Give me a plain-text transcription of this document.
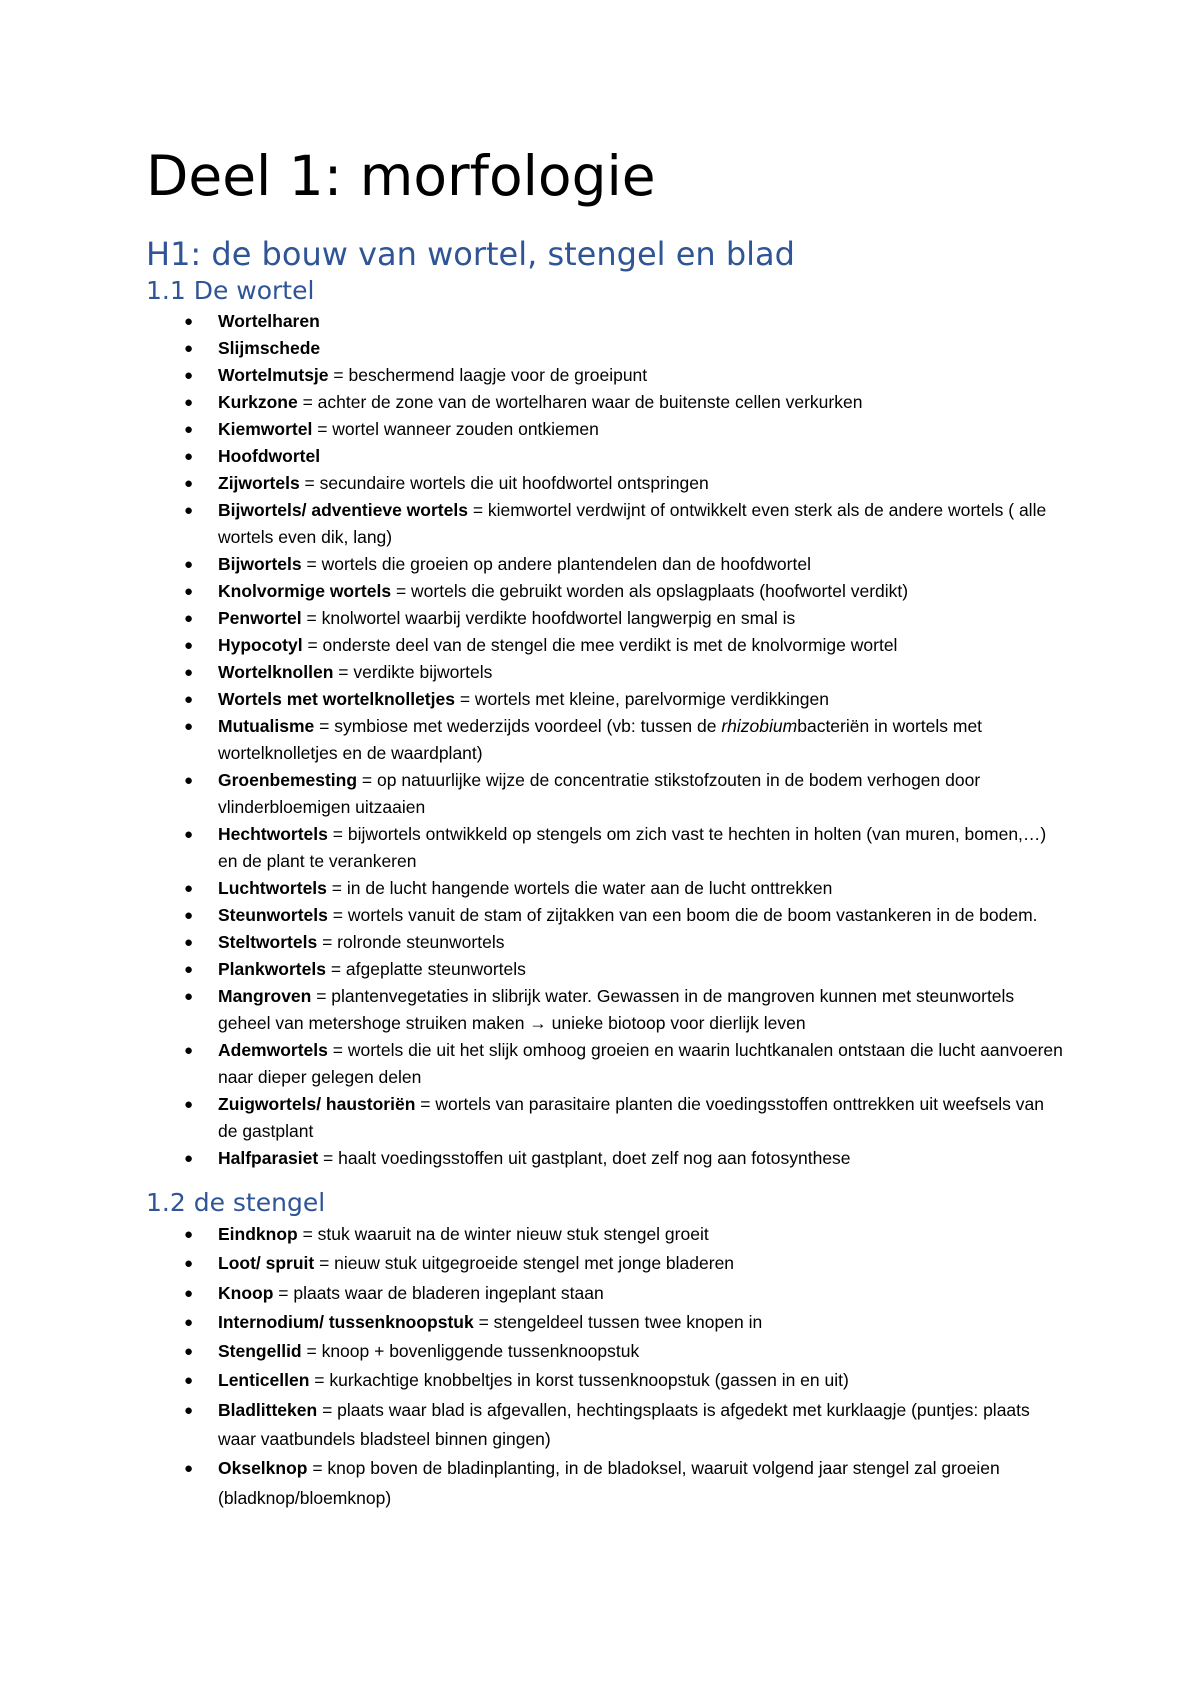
Deel 1: morfologie
H1: de bouw van wortel, stengel en blad
1.1 De wortel
● Wortelharen
● Slijmschede
● Wortelmutsje = beschermend laagje voor de groeipunt
● Kurkzone = achter de zone van de wortelharen waar de buitenste cellen verkurken
● Kiemwortel = wortel wanneer zouden ontkiemen
● Hoofdwortel
● Zijwortels = secundaire wortels die uit hoofdwortel ontspringen
● Bijwortels/ adventieve wortels = kiemwortel verdwijnt of ontwikkelt even sterk als de andere wortels ( alle wortels even dik, lang)
● Bijwortels = wortels die groeien op andere plantendelen dan de hoofdwortel
● Knolvormige wortels = wortels die gebruikt worden als opslagplaats (hoofwortel verdikt)
● Penwortel = knolwortel waarbij verdikte hoofdwortel langwerpig en smal is
● Hypocotyl = onderste deel van de stengel die mee verdikt is met de knolvormige wortel
● Wortelknollen = verdikte bijwortels
● Wortels met wortelknolletjes = wortels met kleine, parelvormige verdikkingen
● Mutualisme = symbiose met wederzijds voordeel (vb: tussen de rhizobiumbacteriën in wortels met wortelknolletjes en de waardplant)
● Groenbemesting = op natuurlijke wijze de concentratie stikstofzouten in de bodem verhogen door vlinderbloemigen uitzaaien
● Hechtwortels = bijwortels ontwikkeld op stengels om zich vast te hechten in holten (van muren, bomen,…) en de plant te verankeren
● Luchtwortels = in de lucht hangende wortels die water aan de lucht onttrekken
● Steunwortels = wortels vanuit de stam of zijtakken van een boom die de boom vastankeren in de bodem.
● Steltwortels = rolronde steunwortels
● Plankwortels = afgeplatte steunwortels
● Mangroven = plantenvegetaties in slibrijk water. Gewassen in de mangroven kunnen met steunwortels geheel van metershoge struiken maken → unieke biotoop voor dierlijk leven
● Ademwortels = wortels die uit het slijk omhoog groeien en waarin luchtkanalen ontstaan die lucht aanvoeren naar dieper gelegen delen
● Zuigwortels/ haustoriën = wortels van parasitaire planten die voedingsstoffen onttrekken uit weefsels van de gastplant
● Halfparasiet = haalt voedingsstoffen uit gastplant, doet zelf nog aan fotosynthese
1.2 de stengel
● Eindknop = stuk waaruit na de winter nieuw stuk stengel groeit
● Loot/ spruit = nieuw stuk uitgegroeide stengel met jonge bladeren
● Knoop = plaats waar de bladeren ingeplant staan
● Internodium/ tussenknoopstuk = stengeldeel tussen twee knopen in
● Stengellid = knoop + bovenliggende tussenknoopstuk
● Lenticellen = kurkachtige knobbeltjes in korst tussenknoopstuk (gassen in en uit)
● Bladlitteken = plaats waar blad is afgevallen, hechtingsplaats is afgedekt met kurklaagje (puntjes: plaats waar vaatbundels bladsteel binnen gingen)
● Okselknop = knop boven de bladinplanting, in de bladoksel, waaruit volgend jaar stengel zal groeien (bladknop/bloemknop)
